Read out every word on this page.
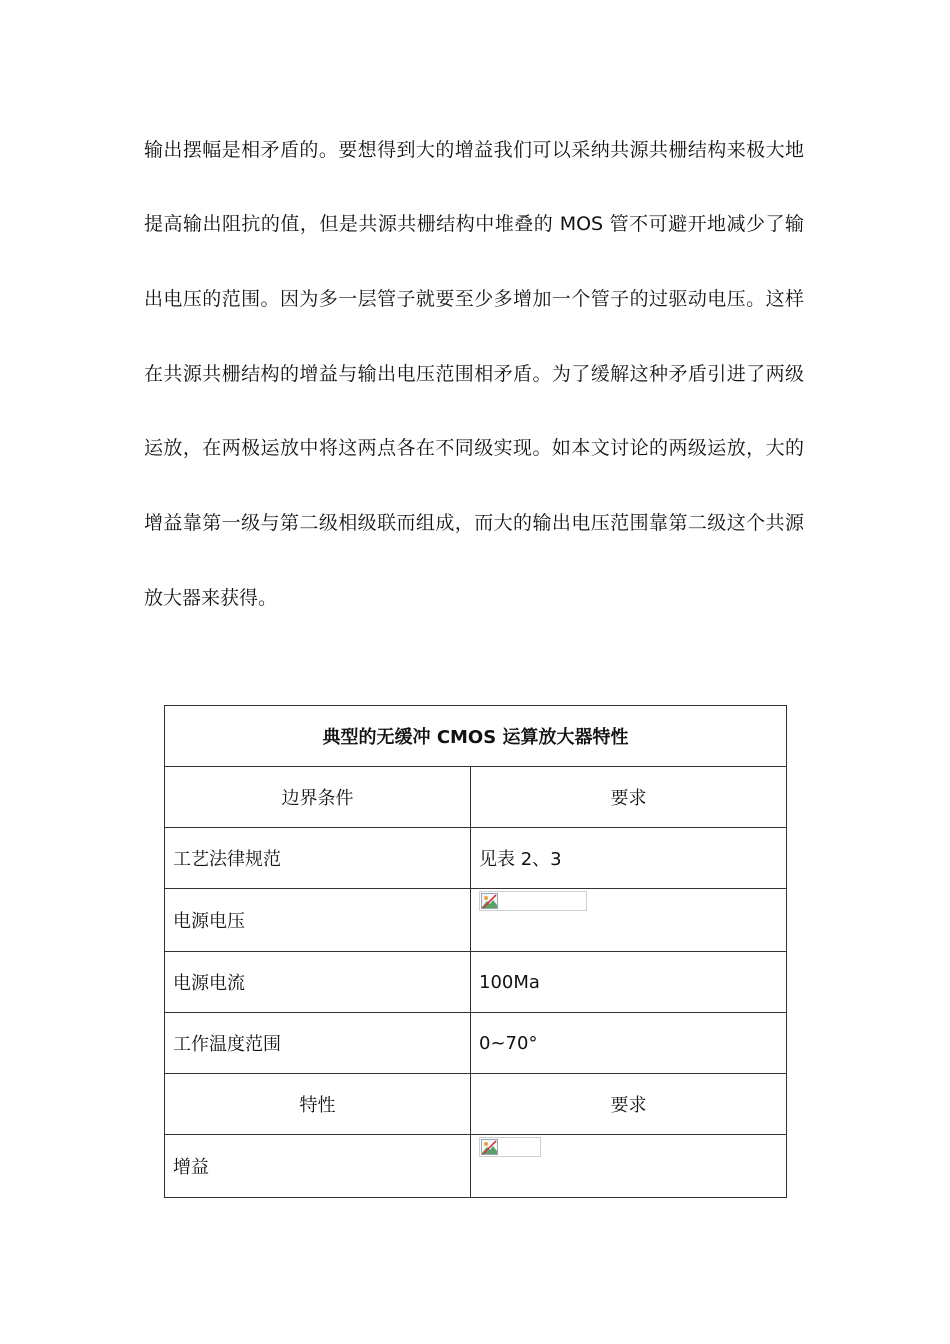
输出摆幅是相矛盾的。要想得到大的增益我们可以采纳共源共栅结构来极大地
提高输出阻抗的值，但是共源共栅结构中堆叠的 MOS 管不可避开地减少了输
出电压的范围。因为多一层管子就要至少多增加一个管子的过驱动电压。这样
在共源共栅结构的增益与输出电压范围相矛盾。为了缓解这种矛盾引进了两级
运放，在两极运放中将这两点各在不同级实现。如本文讨论的两级运放，大的
增益靠第一级与第二级相级联而组成，而大的输出电压范围靠第二级这个共源
放大器来获得。
典型的无缓冲 CMOS 运算放大器特性	
边界条件	要求
工艺法律规范	见表 2、3
电源电压	

电源电流	100Ma
工作温度范围	0~70°
特性	要求
增益	
